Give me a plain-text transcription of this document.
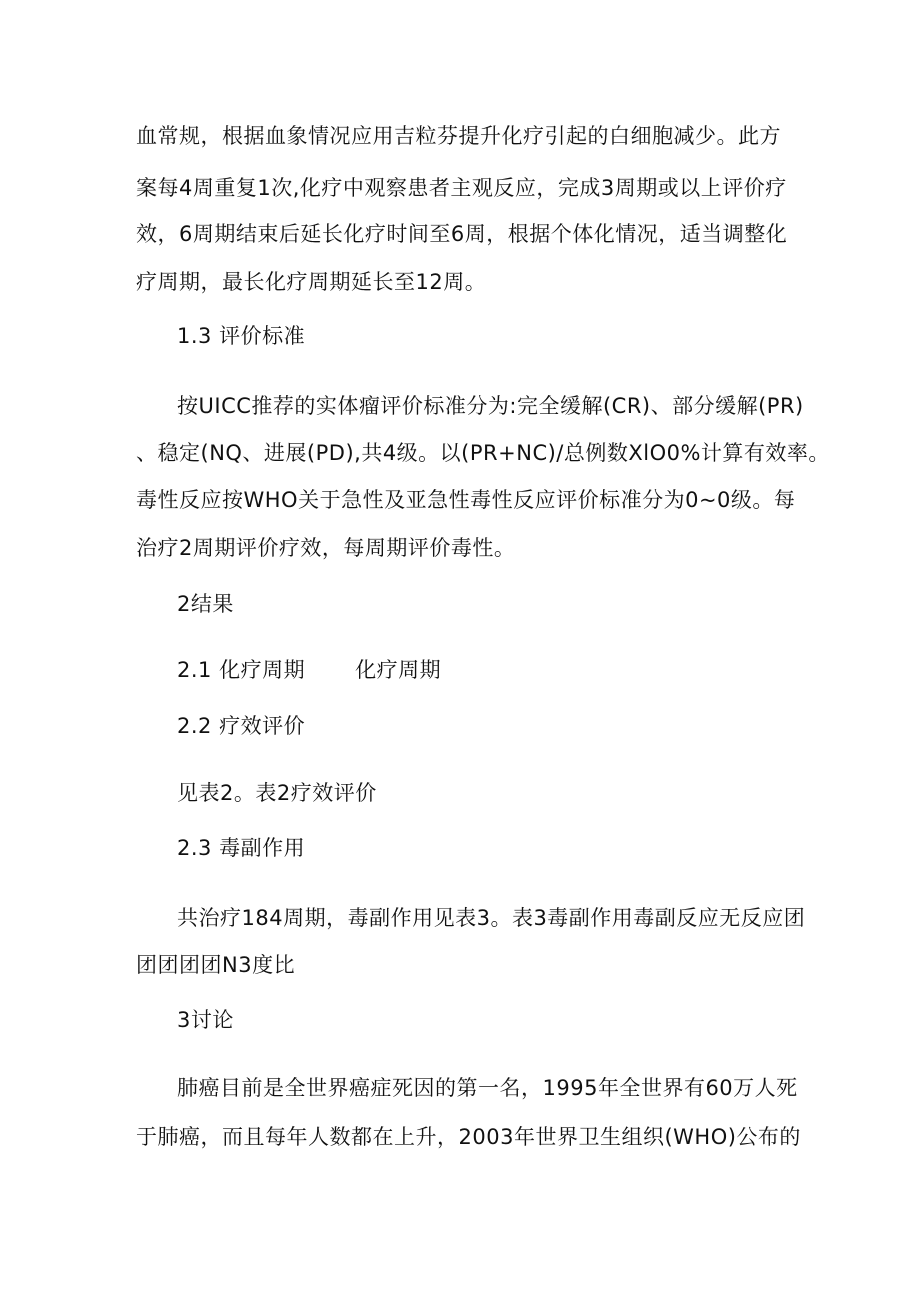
血常规，根据血象情况应用吉粒芬提升化疗引起的白细胞减少。此方
案每4周重复1次,化疗中观察患者主观反应，完成3周期或以上评价疗
效，6周期结束后延长化疗时间至6周，根据个体化情况，适当调整化
疗周期，最长化疗周期延长至12周。
1.3 评价标准
按UICC推荐的实体瘤评价标准分为:完全缓解(CR)、部分缓解(PR)
、稳定(NQ、进展(PD),共4级。以(PR+NC)/总例数XlO0%计算有效率。
毒性反应按WHO关于急性及亚急性毒性反应评价标准分为0~0级。每
治疗2周期评价疗效，每周期评价毒性。
2结果
2.1 化疗周期 化疗周期
2.2 疗效评价
见表2。表2疗效评价
2.3 毒副作用
共治疗184周期，毒副作用见表3。表3毒副作用毒副反应无反应团
团团团团N3度比
3讨论
肺癌目前是全世界癌症死因的第一名，1995年全世界有60万人死
于肺癌，而且每年人数都在上升，2003年世界卫生组织(WHO)公布的
